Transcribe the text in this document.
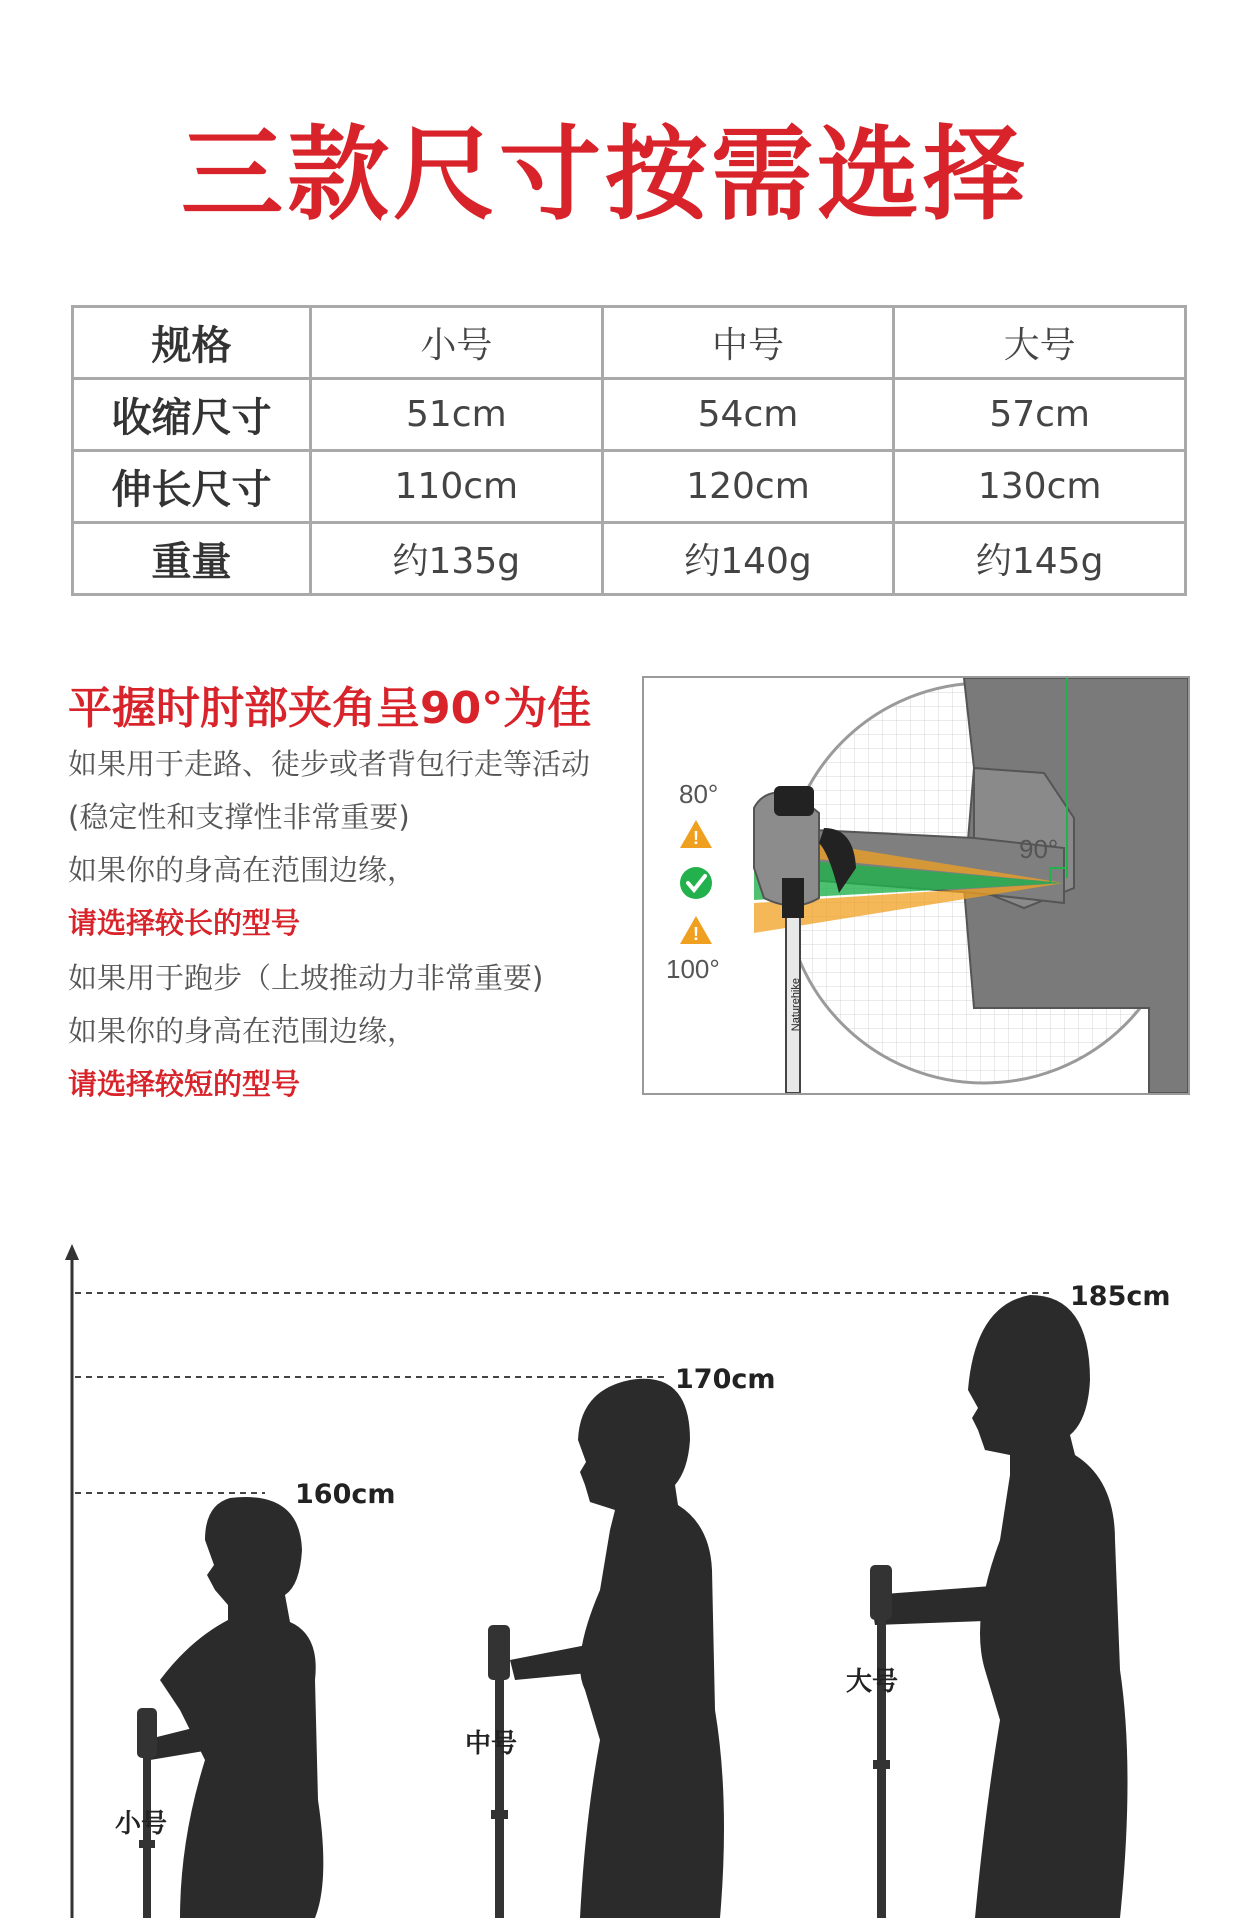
三款尺寸按需选择
规格	小号	中号	大号
收缩尺寸	51cm	54cm	57cm
伸长尺寸	110cm	120cm	130cm
重量	约135g	约140g	约145g
平握时肘部夹角呈90°为佳
如果用于走路、徒步或者背包行走等活动
(稳定性和支撑性非常重要)
如果你的身高在范围边缘，
请选择较长的型号
如果用于跑步（上坡推动力非常重要)
如果你的身高在范围边缘，
请选择较短的型号
Naturehike
90°
80°
!
!
100°
185cm
170cm
160cm
小号
中号
大号
